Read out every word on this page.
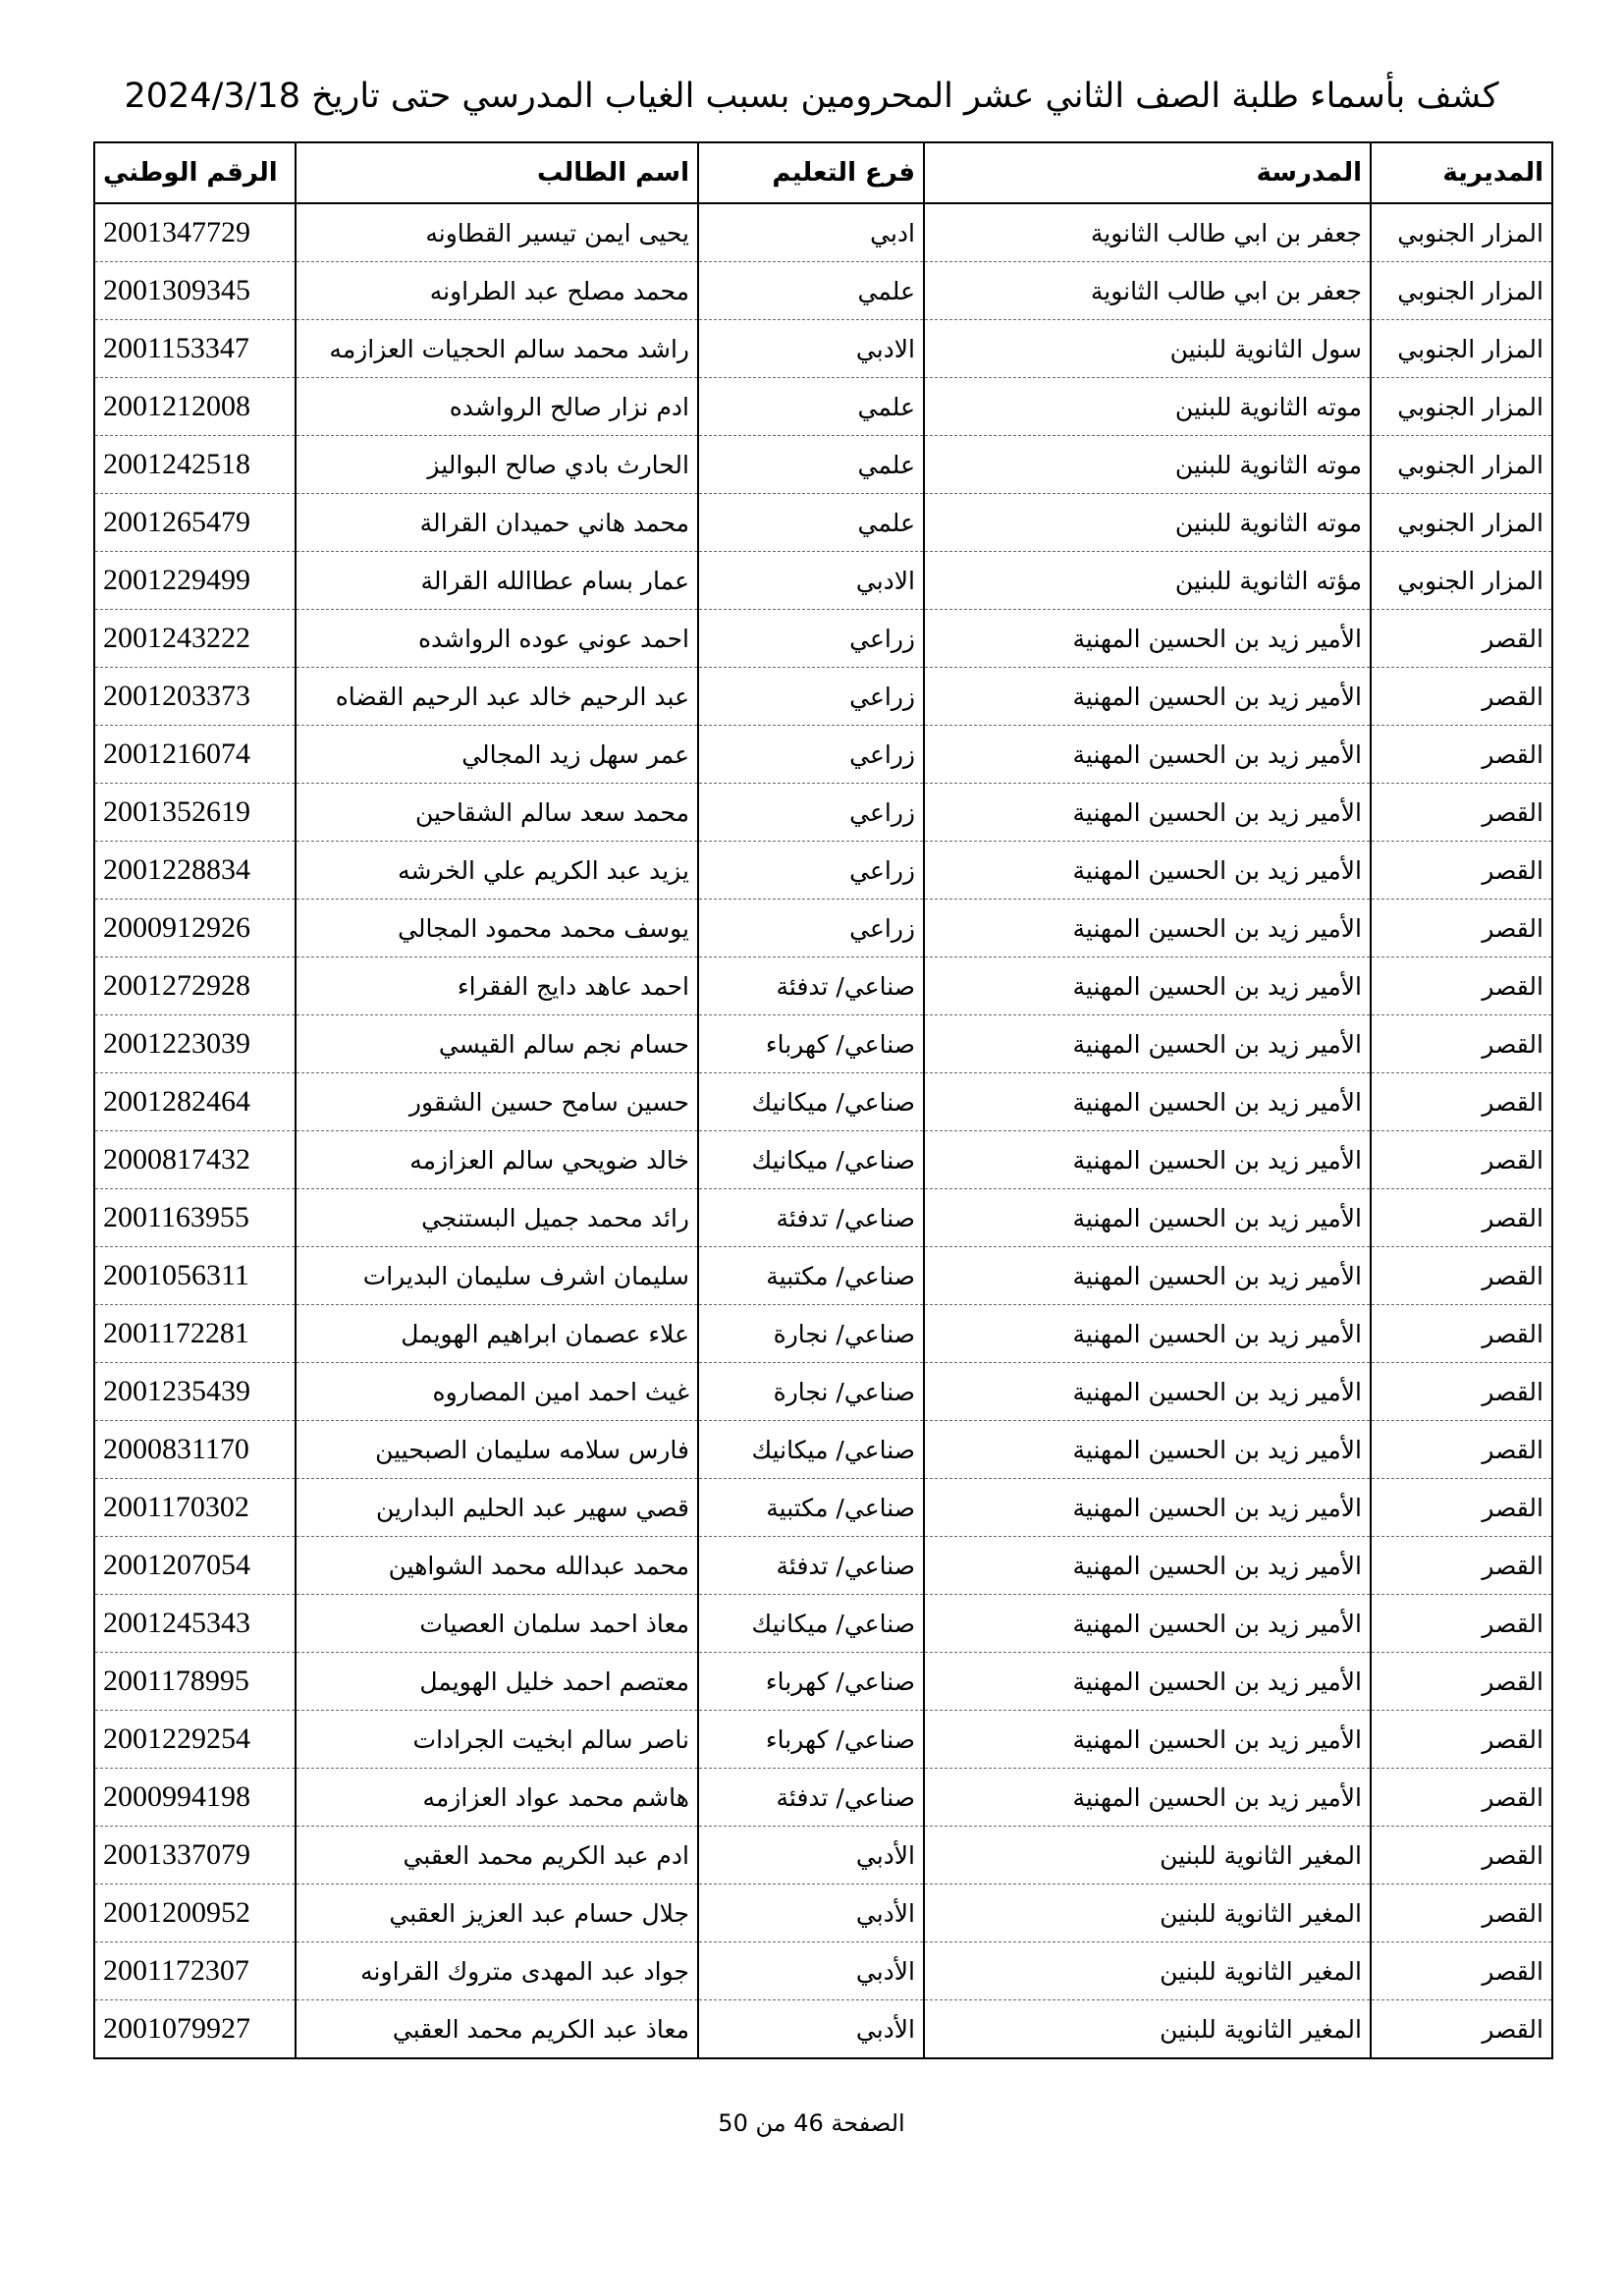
كشف بأسماء طلبة الصف الثاني عشر المحرومين بسبب الغياب المدرسي حتى تاريخ 2024/3/18
المديرية	المدرسة	فرع التعليم	اسم الطالب	الرقم الوطني
المزار الجنوبي	جعفر بن ابي طالب الثانوية	ادبي	يحيى ايمن تيسير القطاونه	2001347729
المزار الجنوبي	جعفر بن ابي طالب الثانوية	علمي	محمد مصلح عبد الطراونه	2001309345
المزار الجنوبي	سول الثانوية للبنين	الادبي	راشد محمد سالم الحجيات العزازمه	2001153347
المزار الجنوبي	موته الثانوية للبنين	علمي	ادم نزار صالح الرواشده	2001212008
المزار الجنوبي	موته الثانوية للبنين	علمي	الحارث بادي صالح البواليز	2001242518
المزار الجنوبي	موته الثانوية للبنين	علمي	محمد هاني حميدان القرالة	2001265479
المزار الجنوبي	مؤته الثانوية للبنين	الادبي	عمار بسام عطاالله القرالة	2001229499
القصر	الأمير زيد بن الحسين المهنية	زراعي	احمد عوني عوده الرواشده	2001243222
القصر	الأمير زيد بن الحسين المهنية	زراعي	عبد الرحيم خالد عبد الرحيم القضاه	2001203373
القصر	الأمير زيد بن الحسين المهنية	زراعي	عمر سهل زيد المجالي	2001216074
القصر	الأمير زيد بن الحسين المهنية	زراعي	محمد سعد سالم الشقاحين	2001352619
القصر	الأمير زيد بن الحسين المهنية	زراعي	يزيد عبد الكريم علي الخرشه	2001228834
القصر	الأمير زيد بن الحسين المهنية	زراعي	يوسف محمد محمود المجالي	2000912926
القصر	الأمير زيد بن الحسين المهنية	صناعي/ تدفئة	احمد عاهد دايج الفقراء	2001272928
القصر	الأمير زيد بن الحسين المهنية	صناعي/ كهرباء	حسام نجم سالم القيسي	2001223039
القصر	الأمير زيد بن الحسين المهنية	صناعي/ ميكانيك	حسين سامح حسين الشقور	2001282464
القصر	الأمير زيد بن الحسين المهنية	صناعي/ ميكانيك	خالد ضويحي سالم العزازمه	2000817432
القصر	الأمير زيد بن الحسين المهنية	صناعي/ تدفئة	رائد محمد جميل البستنجي	2001163955
القصر	الأمير زيد بن الحسين المهنية	صناعي/ مكتبية	سليمان اشرف سليمان البديرات	2001056311
القصر	الأمير زيد بن الحسين المهنية	صناعي/ نجارة	علاء عصمان ابراهيم الهويمل	2001172281
القصر	الأمير زيد بن الحسين المهنية	صناعي/ نجارة	غيث احمد امين المصاروه	2001235439
القصر	الأمير زيد بن الحسين المهنية	صناعي/ ميكانيك	فارس سلامه سليمان الصبحيين	2000831170
القصر	الأمير زيد بن الحسين المهنية	صناعي/ مكتبية	قصي سهير عبد الحليم البدارين	2001170302
القصر	الأمير زيد بن الحسين المهنية	صناعي/ تدفئة	محمد عبدالله محمد الشواهين	2001207054
القصر	الأمير زيد بن الحسين المهنية	صناعي/ ميكانيك	معاذ احمد سلمان العصيات	2001245343
القصر	الأمير زيد بن الحسين المهنية	صناعي/ كهرباء	معتصم احمد خليل الهويمل	2001178995
القصر	الأمير زيد بن الحسين المهنية	صناعي/ كهرباء	ناصر سالم ابخيت الجرادات	2001229254
القصر	الأمير زيد بن الحسين المهنية	صناعي/ تدفئة	هاشم محمد عواد العزازمه	2000994198
القصر	المغير الثانوية للبنين	الأدبي	ادم عبد الكريم محمد العقبي	2001337079
القصر	المغير الثانوية للبنين	الأدبي	جلال حسام عبد العزيز العقبي	2001200952
القصر	المغير الثانوية للبنين	الأدبي	جواد عبد المهدى متروك القراونه	2001172307
القصر	المغير الثانوية للبنين	الأدبي	معاذ عبد الكريم محمد العقبي	2001079927
الصفحة 46 من 50
